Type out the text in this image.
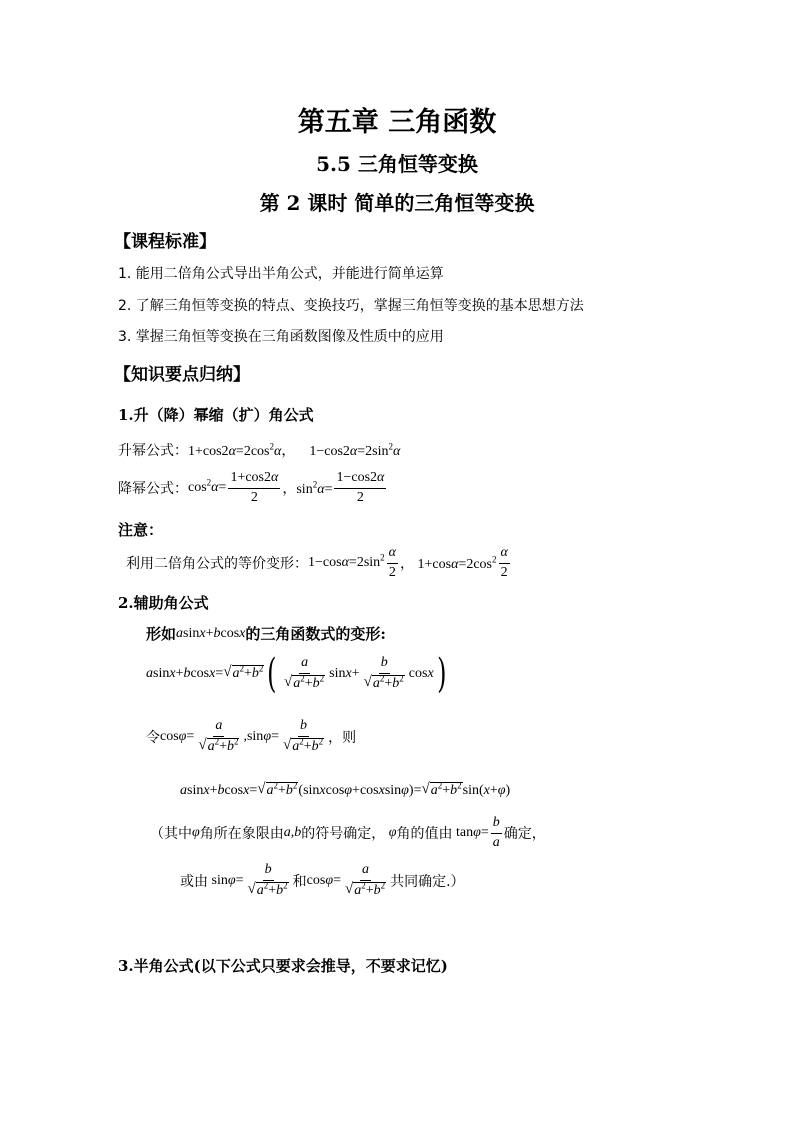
第五章 三角函数
5.5 三角恒等变换
第 2 课时 简单的三角恒等变换
【课程标准】
1. 能用二倍角公式导出半角公式，并能进行简单运算
2. 了解三角恒等变换的特点、变换技巧，掌握三角恒等变换的基本思想方法
3. 掌握三角恒等变换在三角函数图像及性质中的应用
【知识要点归纳】
1.升（降）幂缩（扩）角公式
升幂公式： $1+\cos 2\alpha=2\cos^2\alpha$，    $1-\cos 2\alpha=2\sin^2\alpha$
降幂公式： $\cos^2\alpha= \frac{1+\cos 2\alpha}{2}$ ，$\sin^2\alpha= \frac{1-\cos 2\alpha}{2}$
注意：
利用二倍角公式的等价变形： $1-\cos\alpha=2\sin^2 \frac{\alpha}{2}$ ， $1+\cos\alpha=2\cos^2 \frac{\alpha}{2}$
2.辅助角公式
形如 asinx+bcosx 的三角函数式的变形:
asinx+bcosx= √ $a^2+b^2$ ( $\frac{a}{√ a^2+b^2} \sin x+ \frac{b}{√ a^2+b^2}$ cosx )
令 $\cos\varphi= \frac{a}{√ a^2+b^2} ,\sin\varphi= \frac{b}{√ a^2+b^2}$ ，则
asinx+bcosx= √ $a^2+b^2$ (sinxcosφ+cosxsinφ)= √ $a^2+b^2$ sin(x+φ)
（其中 φ 角所在象限由 a,b 的符号确定， φ 角的值由 $\tan\varphi= \frac{b}{a}$ 确定，
或由 $\sin\varphi= \frac{b}{√ a^2+b^2}$ 和 $\cos\varphi= \frac{a}{√ a^2+b^2}$ 共同确定.）
3.半角公式(以下公式只要求会推导，不要求记忆)
